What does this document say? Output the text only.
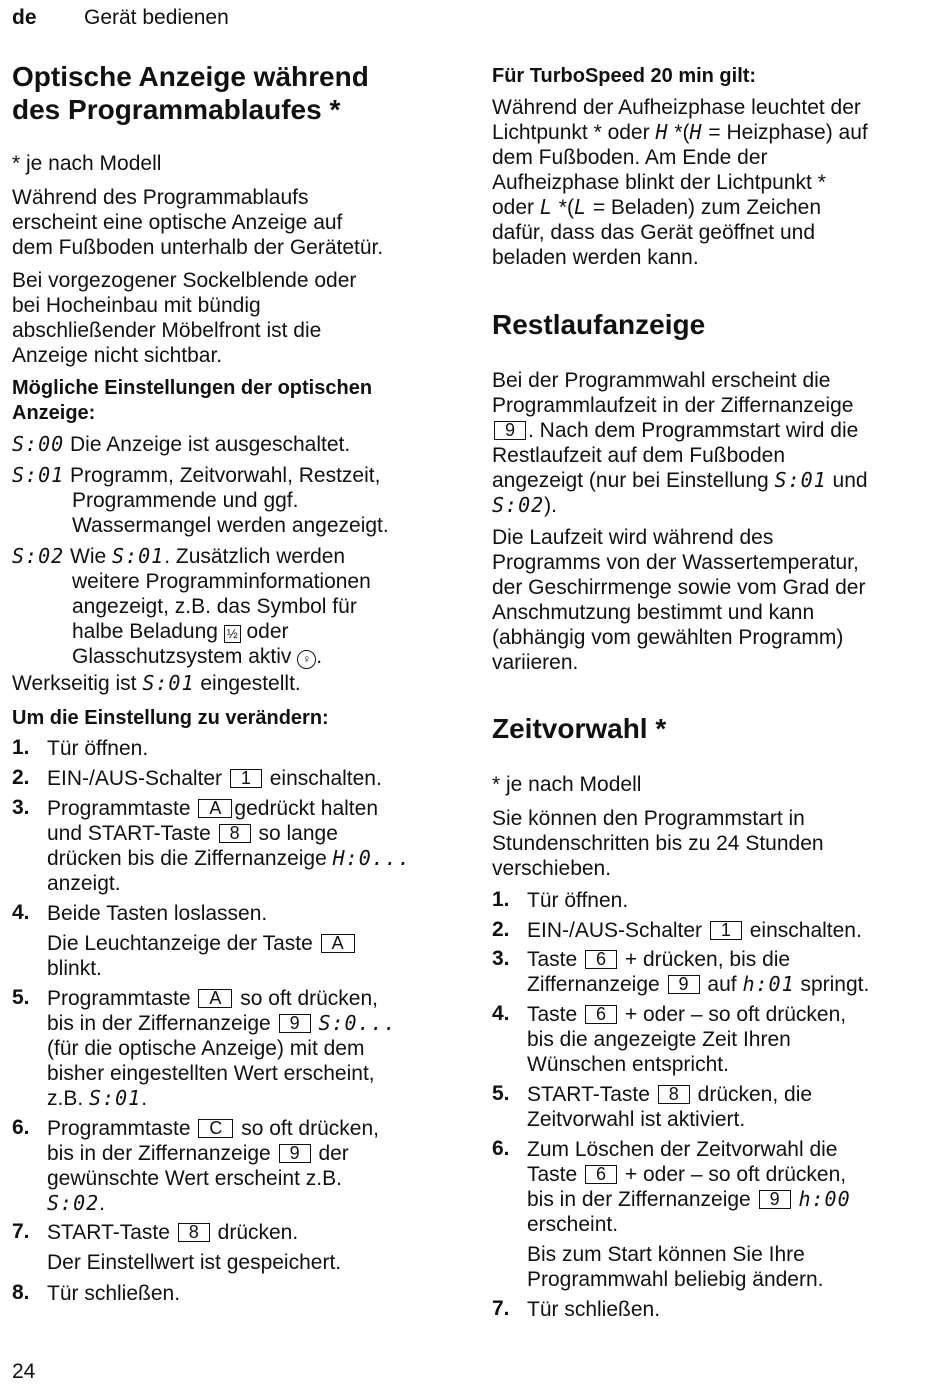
de Gerät bedienen
Optische Anzeige während
des Programmablaufes *
* je nach Modell
Während des Programmablaufs
erscheint eine optische Anzeige auf
dem Fußboden unterhalb der Gerätetür.
Bei vorgezogener Sockelblende oder
bei Hocheinbau mit bündig
abschließender Möbelfront ist die
Anzeige nicht sichtbar.
Mögliche Einstellungen der optischen
Anzeige:
S:00 Die Anzeige ist ausgeschaltet.
S:01 Programm, Zeitvorwahl, Restzeit,
Programmende und ggf.
Wassermangel werden angezeigt.
S:02 Wie S:01. Zusätzlich werden
weitere Programminformationen
angezeigt, z.B. das Symbol für
halbe Beladung ½ oder
Glasschutzsystem aktiv ♀ .
Werkseitig ist S:01 eingestellt.
Um die Einstellung zu verändern:
1. Tür öffnen.
2. EIN-/AUS-Schalter 1 einschalten.
3. Programmtaste A gedrückt halten
und START-Taste 8 so lange
drücken bis die Ziffernanzeige H:0...
anzeigt.
4. Beide Tasten loslassen.
Die Leuchtanzeige der Taste A
blinkt.
5. Programmtaste A so oft drücken,
bis in der Ziffernanzeige 9 S:0...
(für die optische Anzeige) mit dem
bisher eingestellten Wert erscheint,
z.B. S:01.
6. Programmtaste C so oft drücken,
bis in der Ziffernanzeige 9 der
gewünschte Wert erscheint z.B.
S:02.
7. START-Taste 8 drücken.
Der Einstellwert ist gespeichert.
8. Tür schließen.
Für TurboSpeed 20 min gilt:
Während der Aufheizphase leuchtet der
Lichtpunkt * oder H *(H = Heizphase) auf
dem Fußboden. Am Ende der
Aufheizphase blinkt der Lichtpunkt *
oder L *(L = Beladen) zum Zeichen
dafür, dass das Gerät geöffnet und
beladen werden kann.
Restlaufanzeige
Bei der Programmwahl erscheint die
Programmlaufzeit in der Ziffernanzeige
9 . Nach dem Programmstart wird die
Restlaufzeit auf dem Fußboden
angezeigt (nur bei Einstellung S:01 und
S:02).
Die Laufzeit wird während des
Programms von der Wassertemperatur,
der Geschirrmenge sowie vom Grad der
Anschmutzung bestimmt und kann
(abhängig vom gewählten Programm)
variieren.
Zeitvorwahl *
* je nach Modell
Sie können den Programmstart in
Stundenschritten bis zu 24 Stunden
verschieben.
1. Tür öffnen.
2. EIN-/AUS-Schalter 1 einschalten.
3. Taste 6 + drücken, bis die
Ziffernanzeige 9 auf h:01 springt.
4. Taste 6 + oder – so oft drücken,
bis die angezeigte Zeit Ihren
Wünschen entspricht.
5. START-Taste 8 drücken, die
Zeitvorwahl ist aktiviert.
6. Zum Löschen der Zeitvorwahl die
Taste 6 + oder – so oft drücken,
bis in der Ziffernanzeige 9 h:00
erscheint.
Bis zum Start können Sie Ihre
Programmwahl beliebig ändern.
7. Tür schließen.
24
